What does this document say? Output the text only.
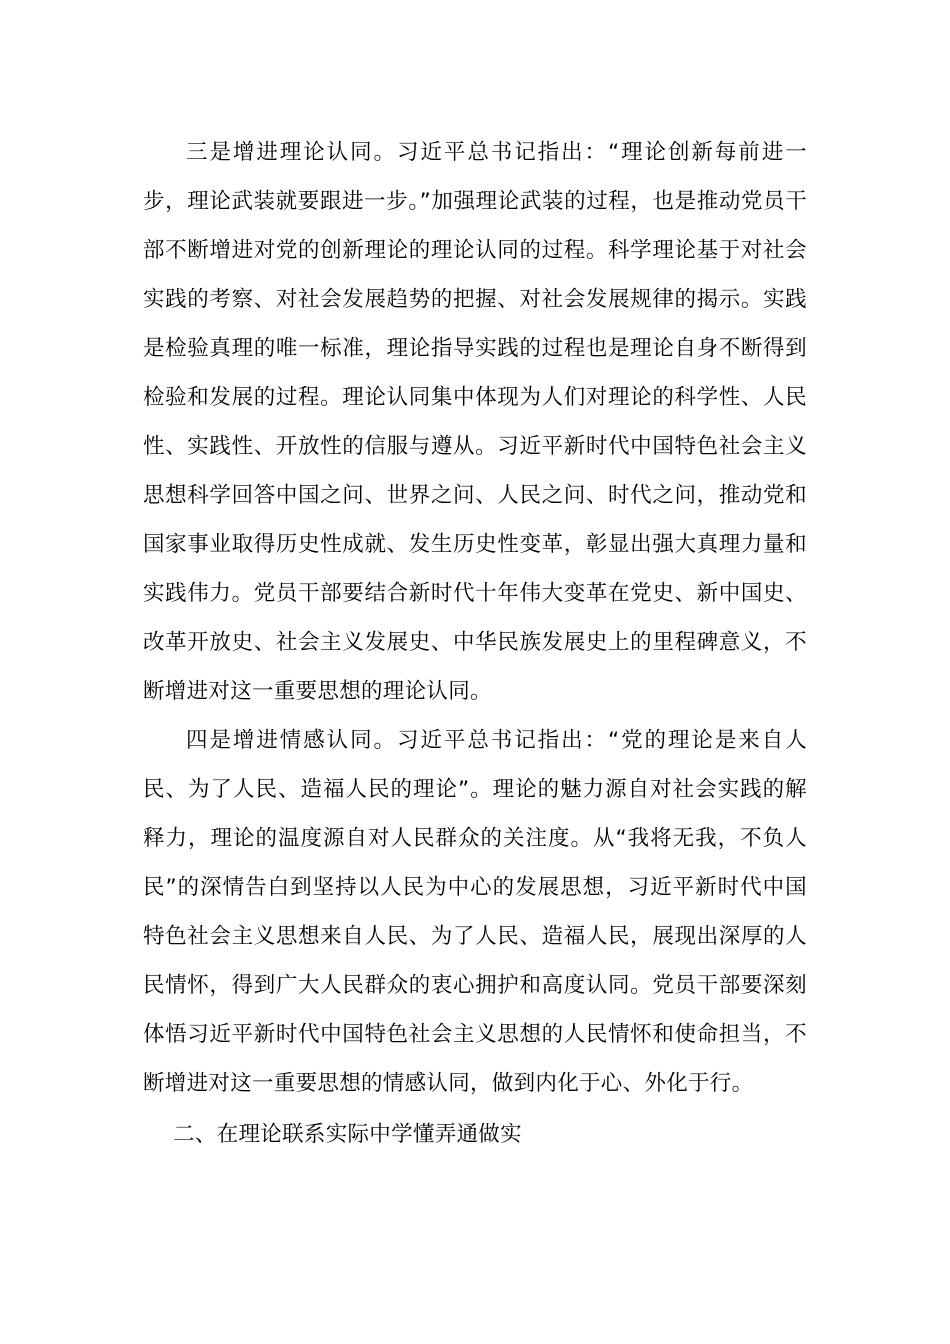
三是增进理论认同。习近平总书记指出：“理论创新每前进一步，理论武装就要跟进一步。”加强理论武装的过程，也是推动党员干部不断增进对党的创新理论的理论认同的过程。科学理论基于对社会实践的考察、对社会发展趋势的把握、对社会发展规律的揭示。实践是检验真理的唯一标准，理论指导实践的过程也是理论自身不断得到检验和发展的过程。理论认同集中体现为人们对理论的科学性、人民性、实践性、开放性的信服与遵从。习近平新时代中国特色社会主义思想科学回答中国之问、世界之问、人民之问、时代之问，推动党和国家事业取得历史性成就、发生历史性变革，彰显出强大真理力量和实践伟力。党员干部要结合新时代十年伟大变革在党史、新中国史、改革开放史、社会主义发展史、中华民族发展史上的里程碑意义，不断增进对这一重要思想的理论认同。

四是增进情感认同。习近平总书记指出：“党的理论是来自人民、为了人民、造福人民的理论”。理论的魅力源自对社会实践的解释力，理论的温度源自对人民群众的关注度。从“我将无我，不负人民”的深情告白到坚持以人民为中心的发展思想，习近平新时代中国特色社会主义思想来自人民、为了人民、造福人民，展现出深厚的人民情怀，得到广大人民群众的衷心拥护和高度认同。党员干部要深刻体悟习近平新时代中国特色社会主义思想的人民情怀和使命担当，不断增进对这一重要思想的情感认同，做到内化于心、外化于行。

二、在理论联系实际中学懂弄通做实
